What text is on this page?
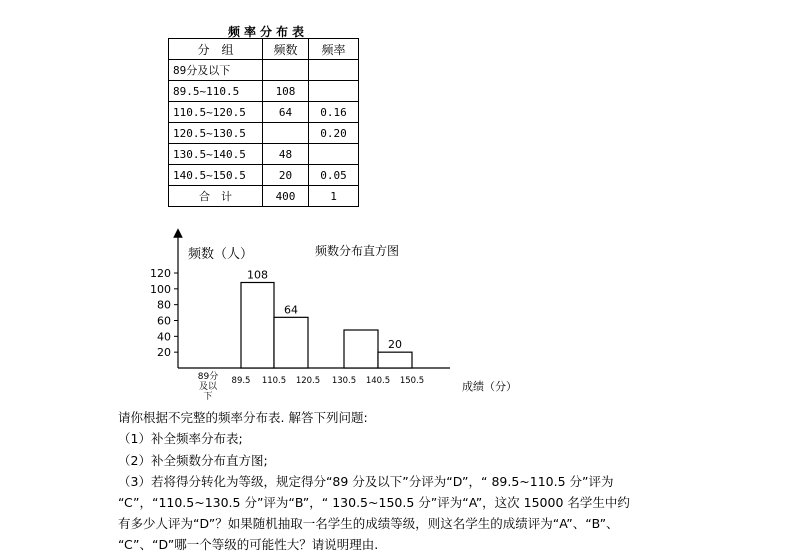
频率分布表
分　组	频数	频率
89分及以下		
89.5~110.5	108	
110.5~120.5	64	0.16
120.5~130.5		0.20
130.5~140.5	48	
140.5~150.5	20	0.05
合　计	400	1
频数（人）	频数分布直方图
成绩（分）
20
40
60
80
100
120
89分
及以
下
89.5 110.5 120.5 130.5 140.5 150.5
108
64
20
请你根据不完整的频率分布表. 解答下列问题:
（1）补全频率分布表;
（2）补全频数分布直方图;
（3）若将得分转化为等级，规定得分“89 分及以下”分评为“D”，“ 89.5~110.5 分”评为
“C”，“110.5~130.5 分”评为“B”，“ 130.5~150.5 分”评为“A”，这次 15000 名学生中约
有多少人评为“D”？如果随机抽取一名学生的成绩等级，则这名学生的成绩评为“A”、“B”、
“C”、“D”哪一个等级的可能性大？请说明理由.
